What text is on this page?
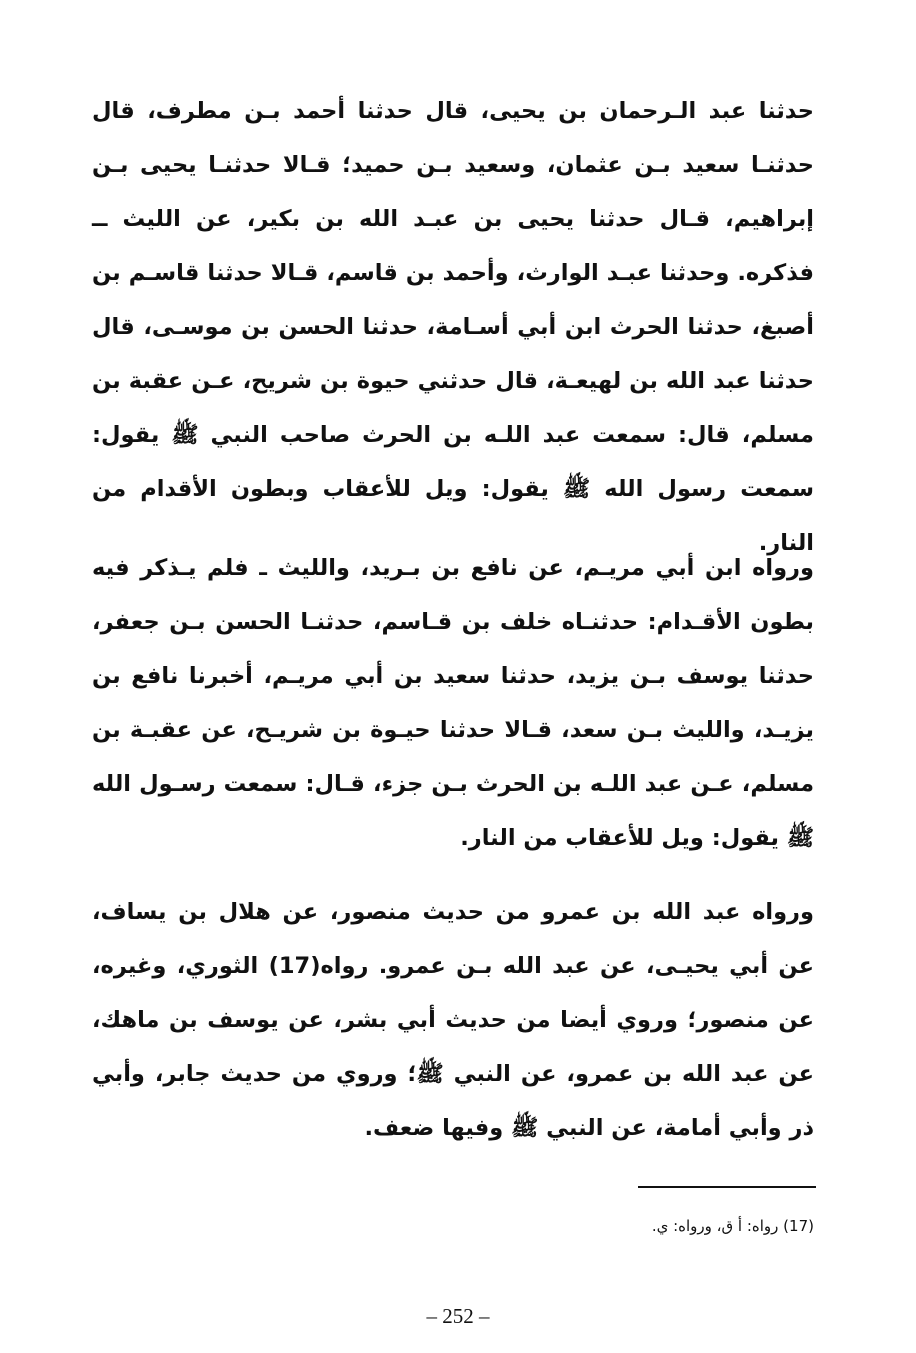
حدثنا عبد الـرحمان بن يحيى، قال حدثنا أحمد بـن مطرف، قال حدثنـا سعيد بـن عثمان، وسعيد بـن حميد؛ قـالا حدثنـا يحيى بـن إبراهيم، قـال حدثنا يحيى بن عبـد الله بن بكير، عن الليث ــ فذكره. وحدثنا عبـد الوارث، وأحمد بن قاسم، قـالا حدثنا قاسـم بن أصبغ، حدثنا الحرث ابن أبي أسـامة، حدثنا الحسن بن موسـى، قال حدثنا عبد الله بن لهيعـة، قال حدثني حيوة بن شريح، عـن عقبة بن مسلم، قال: سمعت عبد اللـه بن الحرث صاحب النبي ﷺ يقول: سمعت رسول الله ﷺ يقول: ويل للأعقاب وبطون الأقدام من النار.

ورواه ابن أبي مريـم، عن نافع بن بـريد، والليث ـ فلم يـذكر فيه بطون الأقـدام: حدثنـاه خلف بن قـاسم، حدثنـا الحسن بـن جعفر، حدثنا يوسف بـن يزيد، حدثنا سعيد بن أبي مريـم، أخبرنا نافع بن يزيـد، والليث بـن سعد، قـالا حدثنا حيـوة بن شريـح، عن عقبـة بن مسلم، عـن عبد اللـه بن الحرث بـن جزء، قـال: سمعت رسـول الله ﷺ يقول: ويل للأعقاب من النار.

ورواه عبد الله بن عمرو من حديث منصور، عن هلال بن يساف، عن أبي يحيـى، عن عبد الله بـن عمرو. رواه(17) الثوري، وغيره، عن منصور؛ وروي أيضا من حديث أبي بشر، عن يوسف بن ماهك، عن عبد الله بن عمرو، عن النبي ﷺ؛ وروي من حديث جابر، وأبي ذر وأبي أمامة، عن النبي ﷺ وفيها ضعف.

(17) رواه: أ ق، ورواه: ي.

– 252 –
